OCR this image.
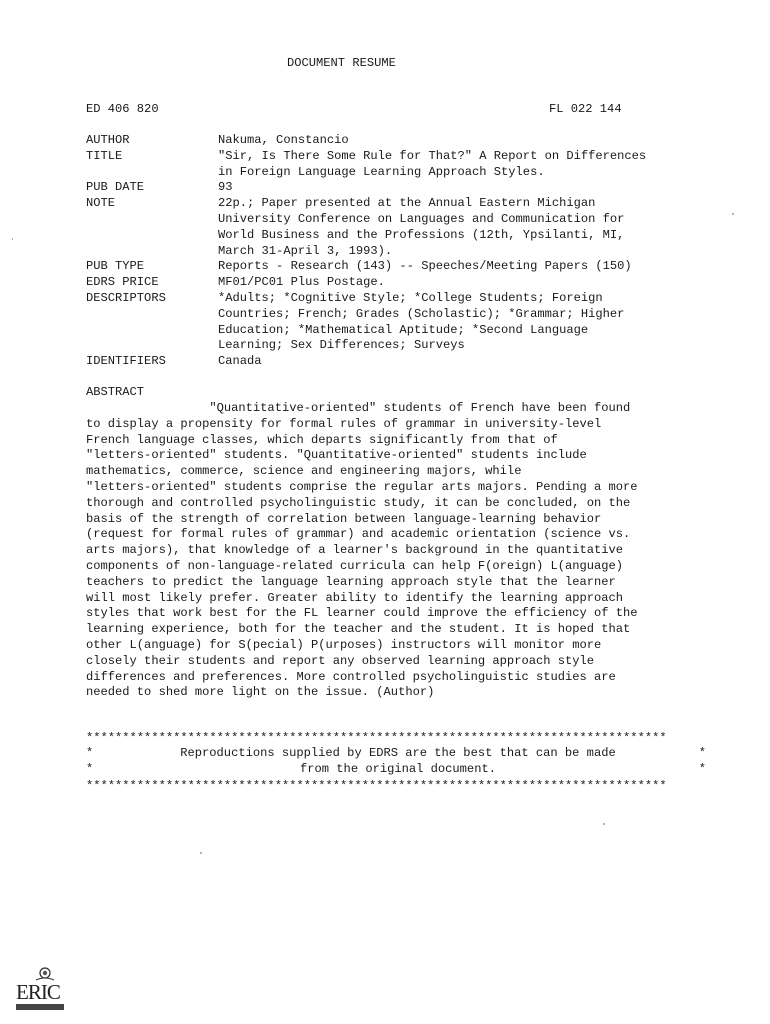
DOCUMENT RESUME
ED 406 820	FL 022 144
AUTHOR	Nakuma, Constancio
TITLE	"Sir, Is There Some Rule for That?" A Report on Differences
in Foreign Language Learning Approach Styles.
PUB DATE	93
NOTE	22p.; Paper presented at the Annual Eastern Michigan
University Conference on Languages and Communication for
World Business and the Professions (12th, Ypsilanti, MI,
March 31-April 3, 1993).
PUB TYPE	Reports - Research (143) -- Speeches/Meeting Papers (150)
EDRS PRICE	MF01/PC01 Plus Postage.
DESCRIPTORS	*Adults; *Cognitive Style; *College Students; Foreign
Countries; French; Grades (Scholastic); *Grammar; Higher
Education; *Mathematical Aptitude; *Second Language
Learning; Sex Differences; Surveys
IDENTIFIERS	Canada
ABSTRACT
"Quantitative-oriented" students of French have been found
to display a propensity for formal rules of grammar in university-level
French language classes, which departs significantly from that of
"letters-oriented" students. "Quantitative-oriented" students include
mathematics, commerce, science and engineering majors, while
"letters-oriented" students comprise the regular arts majors. Pending a more
thorough and controlled psycholinguistic study, it can be concluded, on the
basis of the strength of correlation between language-learning behavior
(request for formal rules of grammar) and academic orientation (science vs.
arts majors), that knowledge of a learner's background in the quantitative
components of non-language-related curricula can help F(oreign) L(anguage)
teachers to predict the language learning approach style that the learner
will most likely prefer. Greater ability to identify the learning approach
styles that work best for the FL learner could improve the efficiency of the
learning experience, both for the teacher and the student. It is hoped that
other L(anguage) for S(pecial) P(urposes) instructors will monitor more
closely their students and report any observed learning approach style
differences and preferences. More controlled psycholinguistic studies are
needed to shed more light on the issue. (Author)
********************************************************************************

*

	Reproductions supplied by EDRS are the best that can be made

	*

*

	from the original document.

	*

********************************************************************************
ERIC
